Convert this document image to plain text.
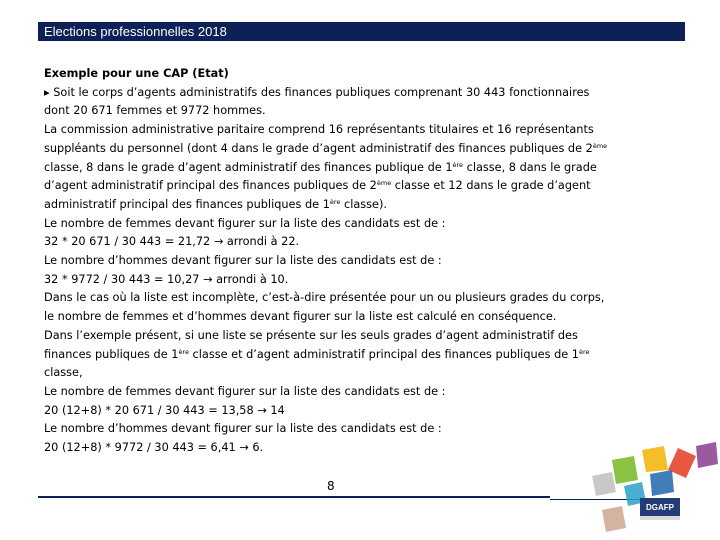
Elections professionnelles 2018
Exemple pour une CAP (Etat)
▸ Soit le corps d’agents administratifs des finances publiques comprenant 30 443 fonctionnaires
dont 20 671 femmes et 9772 hommes.
La commission administrative paritaire comprend 16 représentants titulaires et 16 représentants
suppléants du personnel (dont 4 dans le grade d’agent administratif des finances publiques de 2ème
classe, 8 dans le grade d’agent administratif des finances publique de 1ère classe, 8 dans le grade
d’agent administratif principal des finances publiques de 2ème classe et 12 dans le grade d’agent
administratif principal des finances publiques de 1ère classe).
Le nombre de femmes devant figurer sur la liste des candidats est de :
32 * 20 671 / 30 443 = 21,72 → arrondi à 22.
Le nombre d’hommes devant figurer sur la liste des candidats est de :
32 * 9772 / 30 443 = 10,27 → arrondi à 10.
Dans le cas où la liste est incomplète, c’est-à-dire présentée pour un ou plusieurs grades du corps,
le nombre de femmes et d’hommes devant figurer sur la liste est calculé en conséquence.
Dans l’exemple présent, si une liste se présente sur les seuls grades d’agent administratif des
finances publiques de 1ère classe et d’agent administratif principal des finances publiques de 1ère
classe,
Le nombre de femmes devant figurer sur la liste des candidats est de :
20 (12+8) * 20 671 / 30 443 = 13,58 → 14
Le nombre d’hommes devant figurer sur la liste des candidats est de :
20 (12+8) * 9772 / 30 443 = 6,41 → 6.
8
DGAFP
